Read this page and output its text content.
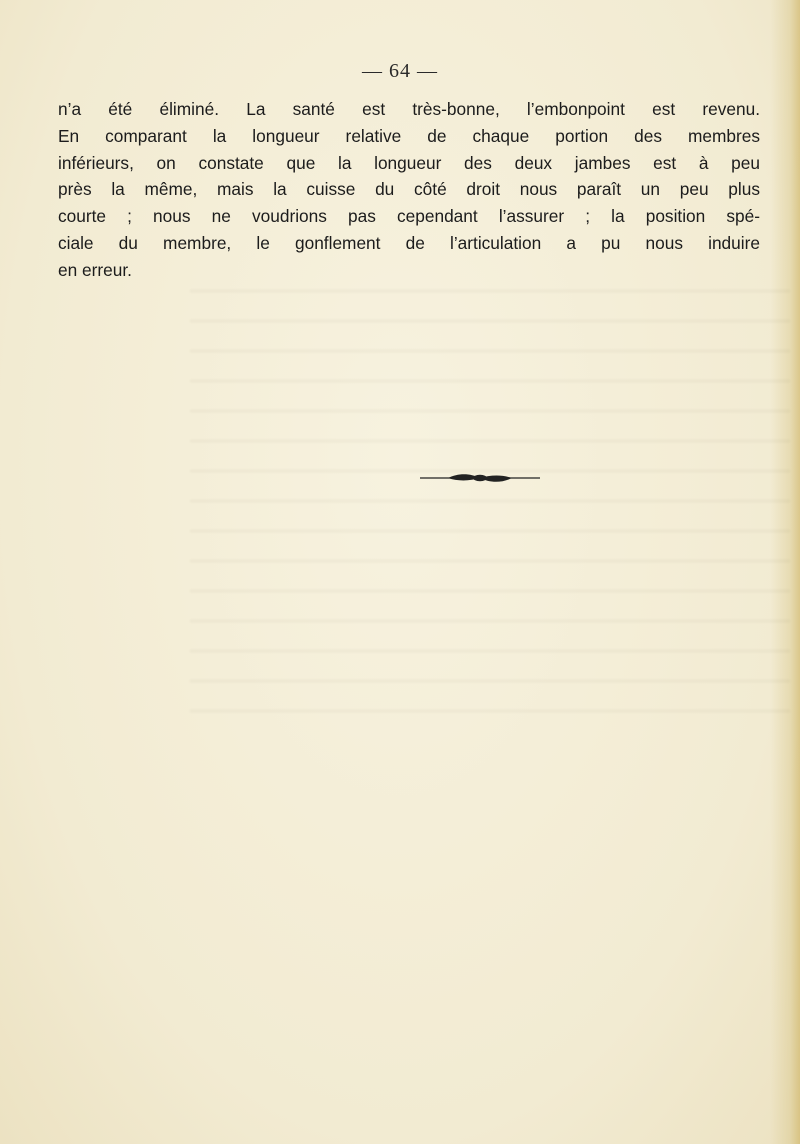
— 64 —
n’a été éliminé. La santé est très-bonne, l’embonpoint est revenu.
En comparant la longueur relative de chaque portion des membres
inférieurs, on constate que la longueur des deux jambes est à peu
près la même, mais la cuisse du côté droit nous paraît un peu plus
courte ; nous ne voudrions pas cependant l’assurer ; la position spé-
ciale du membre, le gonflement de l’articulation a pu nous induire
en erreur.
